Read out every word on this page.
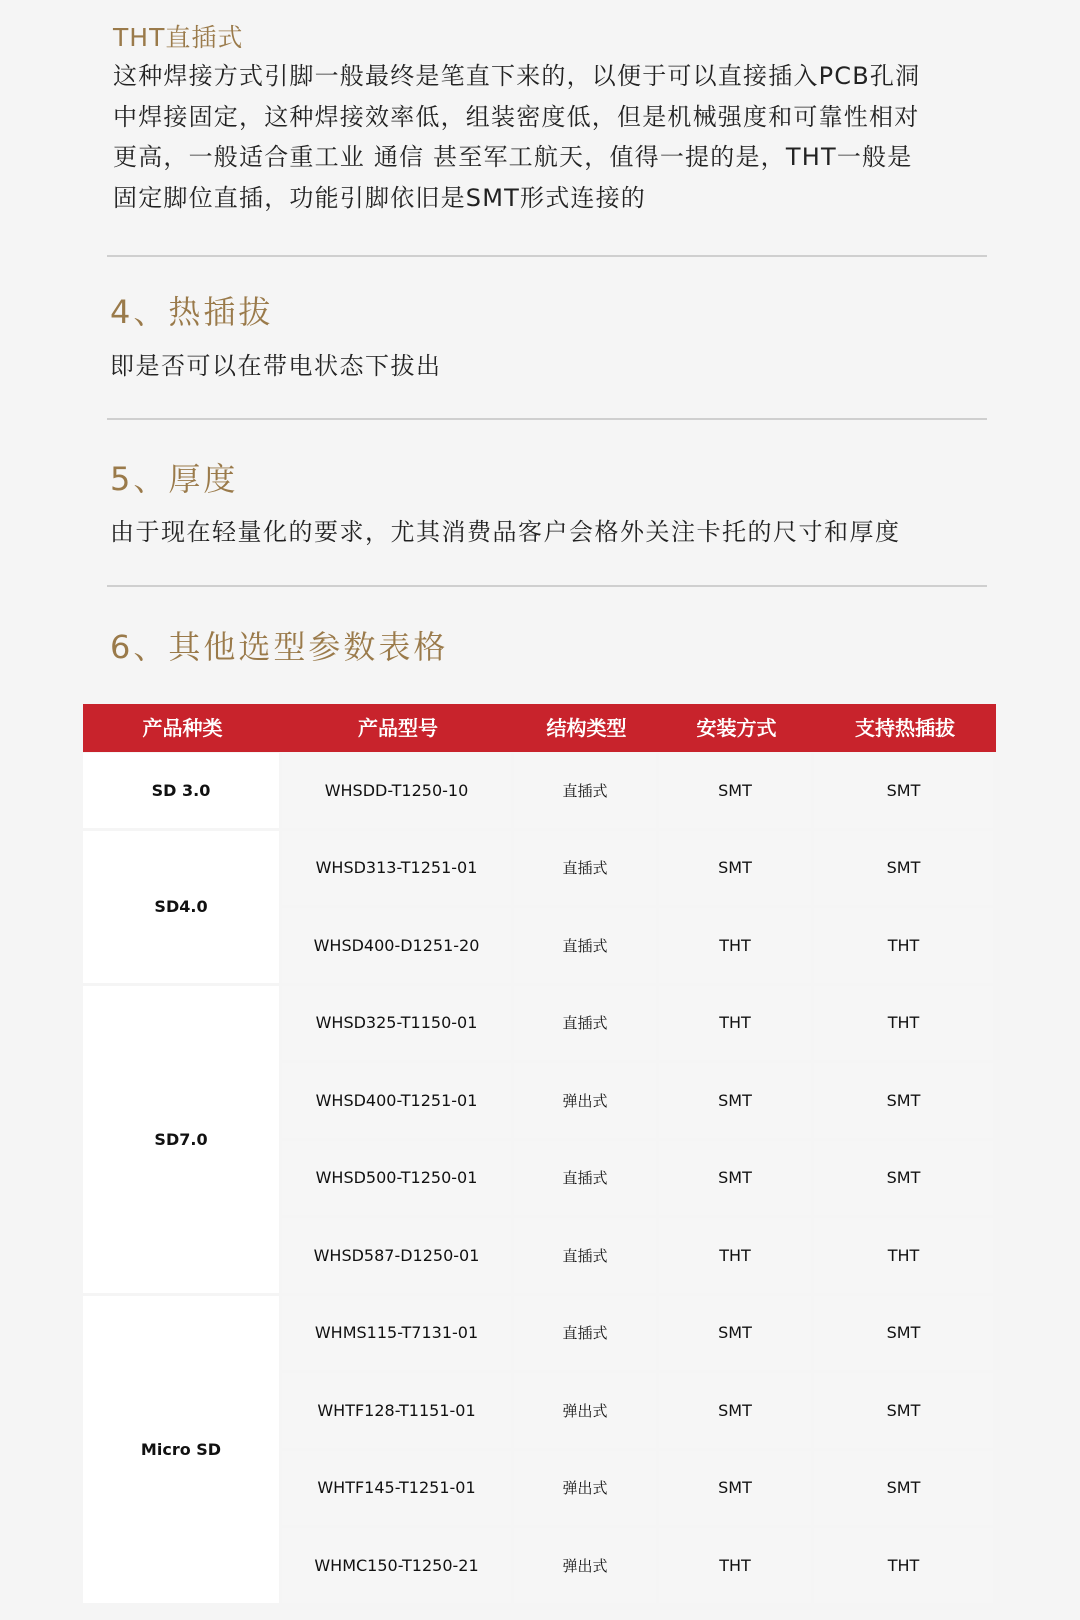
THT直插式
这种焊接方式引脚一般最终是笔直下来的，以便于可以直接插入PCB孔洞
中焊接固定，这种焊接效率低，组装密度低，但是机械强度和可靠性相对
更高，一般适合重工业 通信 甚至军工航天，值得一提的是，THT一般是
固定脚位直插，功能引脚依旧是SMT形式连接的
4、热插拔
即是否可以在带电状态下拔出
5、厚度
由于现在轻量化的要求，尤其消费品客户会格外关注卡托的尺寸和厚度
6、其他选型参数表格
产品种类	产品型号	结构类型	安装方式	支持热插拔
SD 3.0	WHSDD-T1250-10	直插式	SMT	SMT
SD4.0
WHSD313-T1251-01	直插式	SMT	SMT
WHSD400-D1251-20	直插式	THT	THT
SD7.0
WHSD325-T1150-01	直插式	THT	THT
WHSD400-T1251-01	弹出式	SMT	SMT
WHSD500-T1250-01	直插式	SMT	SMT
WHSD587-D1250-01	直插式	THT	THT
Micro SD
WHMS115-T7131-01	直插式	SMT	SMT
WHTF128-T1151-01	弹出式	SMT	SMT
WHTF145-T1251-01	弹出式	SMT	SMT
WHMC150-T1250-21	弹出式	THT	THT
